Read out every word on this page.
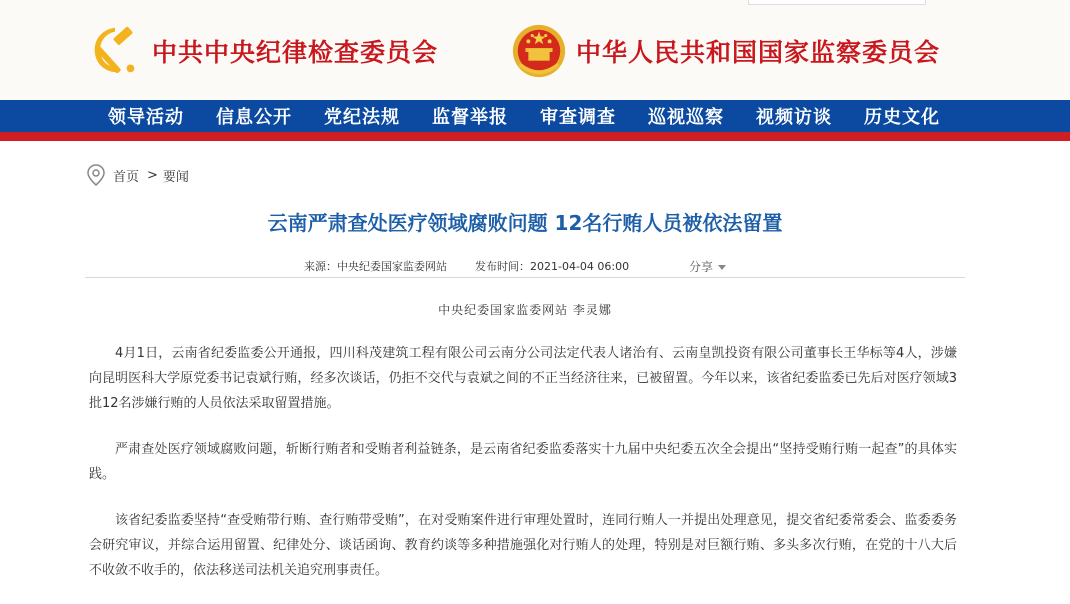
中共中央纪律检查委员会	中华人民共和国国家监察委员会
领导活动	信息公开	党纪法规	监督举报	审查调查	巡视巡察	视频访谈	历史文化
首页 > 要闻
云南严肃查处医疗领域腐败问题 12名行贿人员被依法留置
来源：中央纪委国家监委网站	发布时间：2021-04-04 06:00	分享
中央纪委国家监委网站 李灵娜

4月1日，云南省纪委监委公开通报，四川科茂建筑工程有限公司云南分公司法定代表人诸治有、云南皇凯投资有限公司董事长王华标等4人，涉嫌向昆明医科大学原党委书记袁斌行贿，经多次谈话，仍拒不交代与袁斌之间的不正当经济往来，已被留置。今年以来，该省纪委监委已先后对医疗领域3批12名涉嫌行贿的人员依法采取留置措施。

严肃查处医疗领域腐败问题，斩断行贿者和受贿者利益链条，是云南省纪委监委落实十九届中央纪委五次全会提出“坚持受贿行贿一起查”的具体实践。

该省纪委监委坚持“查受贿带行贿、查行贿带受贿”，在对受贿案件进行审理处置时，连同行贿人一并提出处理意见，提交省纪委常委会、监委委务会研究审议，并综合运用留置、纪律处分、谈话函询、教育约谈等多种措施强化对行贿人的处理，特别是对巨额行贿、多头多次行贿，在党的十八大后不收敛不收手的，依法移送司法机关追究刑事责任。
